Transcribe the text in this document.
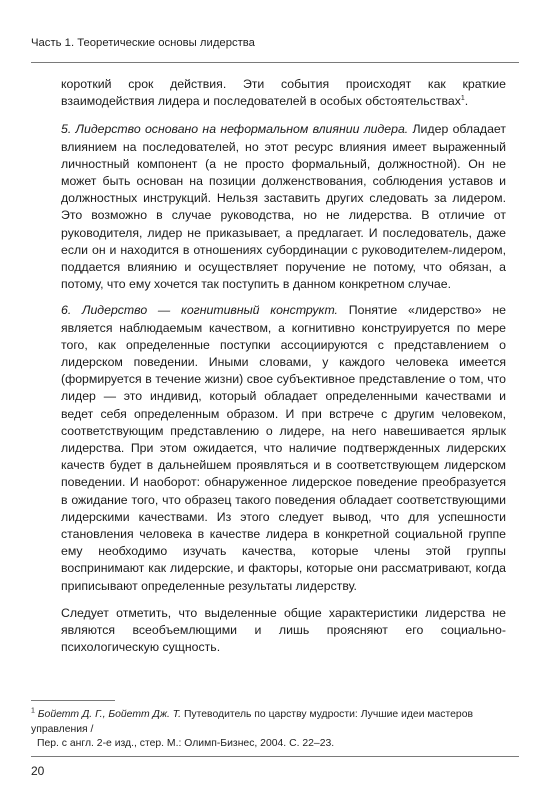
Часть 1. Теоретические основы лидерства

короткий срок действия. Эти события происходят как краткие взаимодействия лидера и последователей в особых обстоятельствах$^1$.

5. Лидерство основано на неформальном влиянии лидера. Лидер обладает влиянием на последователей, но этот ресурс влияния имеет выраженный личностный компонент (а не просто формальный, должностной). Он не может быть основан на позиции долженствования, соблюдения уставов и должностных инструкций. Нельзя заставить других следовать за лидером. Это возможно в случае руководства, но не лидерства. В отличие от руководителя, лидер не приказывает, а предлагает. И последователь, даже если он и находится в отношениях субординации с руководителем-лидером, поддается влиянию и осуществляет поручение не потому, что обязан, а потому, что ему хочется так поступить в данном конкретном случае.

6. Лидерство — когнитивный конструкт. Понятие «лидерство» не является наблюдаемым качеством, а когнитивно конструируется по мере того, как определенные поступки ассоциируются с представлением о лидерском поведении. Иными словами, у каждого человека имеется (формируется в течение жизни) свое субъективное представление о том, что лидер — это индивид, который обладает определенными качествами и ведет себя определенным образом. И при встрече с другим человеком, соответствующим представлению о лидере, на него навешивается ярлык лидерства. При этом ожидается, что наличие подтвержденных лидерских качеств будет в дальнейшем проявляться и в соответствующем лидерском поведении. И наоборот: обнаруженное лидерское поведение преобразуется в ожидание того, что образец такого поведения обладает соответствующими лидерскими качествами. Из этого следует вывод, что для успешности становления человека в качестве лидера в конкретной социальной группе ему необходимо изучать качества, которые члены этой группы воспринимают как лидерские, и факторы, которые они рассматривают, когда приписывают определенные результаты лидерству.

Следует отметить, что выделенные общие характеристики лидерства не являются всеобъемлющими и лишь проясняют его социально-психологическую сущность.

$^1$ Бойетт Д. Г., Бойетт Дж. Т. Путеводитель по царству мудрости: Лучшие идеи мастеров управления /
Пер. с англ. 2-е изд., стер. М.: Олимп-Бизнес, 2004. С. 22–23.
20
